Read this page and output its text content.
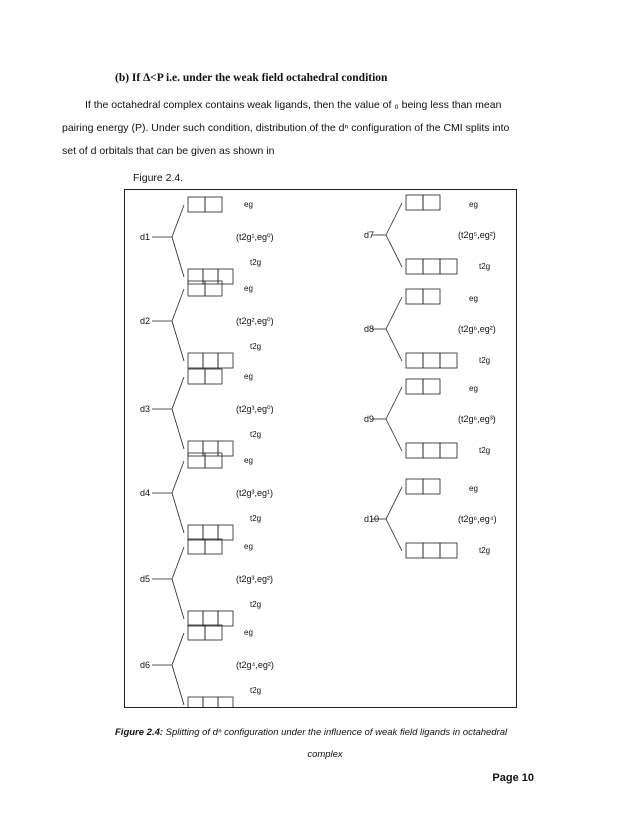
(b) If ∆<P i.e. under the weak field octahedral condition
If the octahedral complex contains weak ligands, then the value of ₀ being less than mean
pairing energy (P). Under such condition, distribution of the dⁿ configuration of the CMI splits into
set of d orbitals that can be given as shown in
Figure 2.4.
d1
eg
(t2g¹,eg⁰)
t2g
d2
eg
(t2g²,eg⁰)
t2g
d3
eg
(t2g³,eg⁰)
t2g
d4
eg
(t2g³,eg¹)
t2g
d5
eg
(t2g³,eg²)
t2g
d6
eg
(t2g⁴,eg²)
t2g
d7
eg
(t2g⁵,eg²)
t2g
d8
eg
(t2g⁶,eg²)
t2g
d9
eg
(t2g⁶,eg³)
t2g
d10
eg
(t2g⁶,eg⁴)
t2g
Figure 2.4: Splitting of dⁿ configuration under the influence of weak field ligands in octahedral
complex
Page 10
